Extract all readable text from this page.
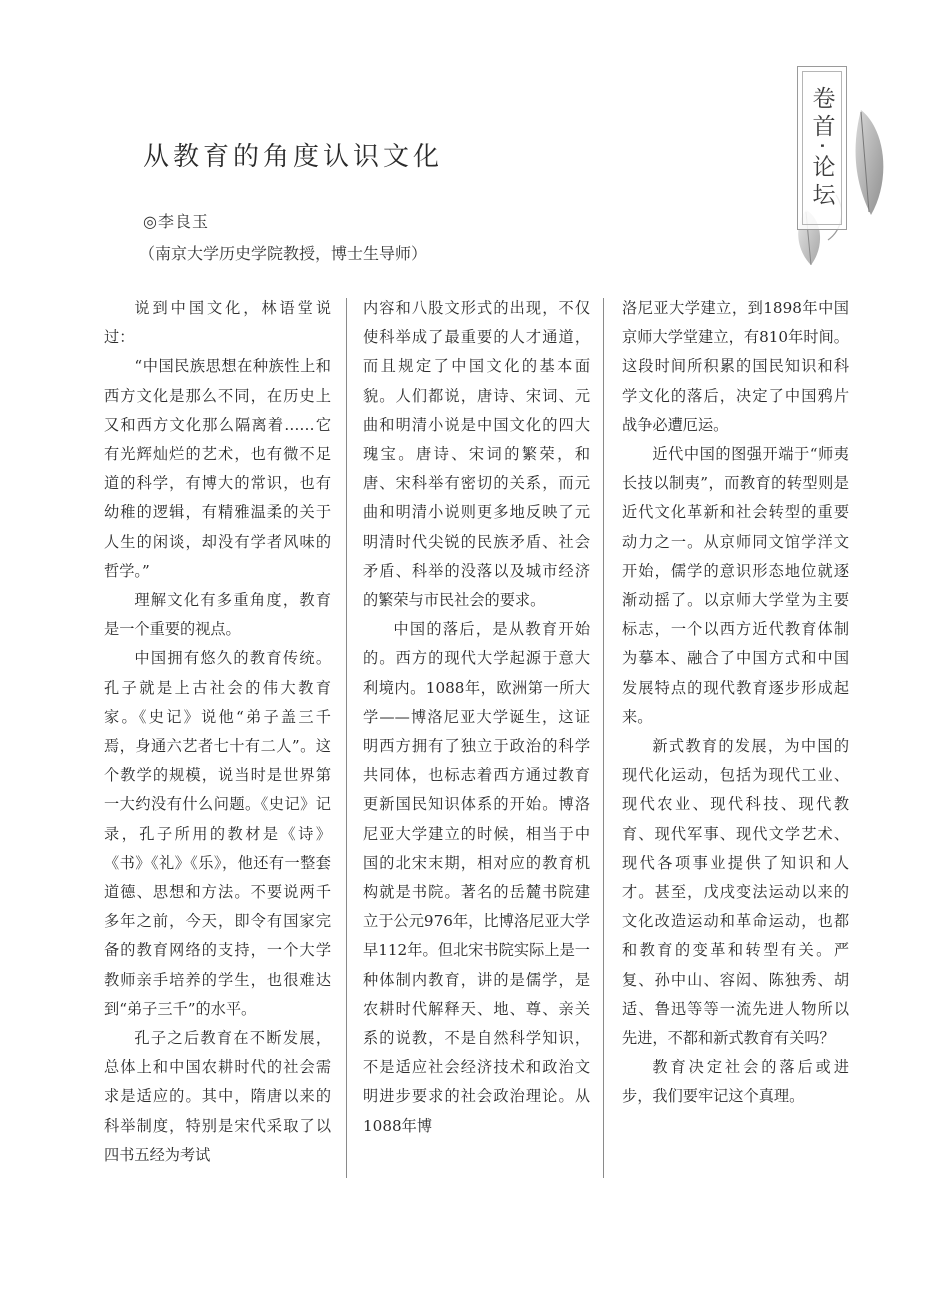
卷首·论坛
从教育的角度认识文化
◎李良玉
（南京大学历史学院教授，博士生导师）

说到中国文化，林语堂说过：

“中国民族思想在种族性上和西方文化是那么不同，在历史上又和西方文化那么隔离着……它有光辉灿烂的艺术，也有微不足道的科学，有博大的常识，也有幼稚的逻辑，有精雅温柔的关于人生的闲谈，却没有学者风味的哲学。”

理解文化有多重角度，教育是一个重要的视点。

中国拥有悠久的教育传统。孔子就是上古社会的伟大教育家。《史记》说他“弟子盖三千焉，身通六艺者七十有二人”。这个教学的规模，说当时是世界第一大约没有什么问题。《史记》记录，孔子所用的教材是《诗》《书》《礼》《乐》，他还有一整套道德、思想和方法。不要说两千多年之前，今天，即令有国家完备的教育网络的支持，一个大学教师亲手培养的学生，也很难达到“弟子三千”的水平。

孔子之后教育在不断发展，总体上和中国农耕时代的社会需求是适应的。其中，隋唐以来的科举制度，特别是宋代采取了以四书五经为考试

内容和八股文形式的出现，不仅使科举成了最重要的人才通道，而且规定了中国文化的基本面貌。人们都说，唐诗、宋词、元曲和明清小说是中国文化的四大瑰宝。唐诗、宋词的繁荣，和唐、宋科举有密切的关系，而元曲和明清小说则更多地反映了元明清时代尖锐的民族矛盾、社会矛盾、科举的没落以及城市经济的繁荣与市民社会的要求。

中国的落后，是从教育开始的。西方的现代大学起源于意大利境内。1088年，欧洲第一所大学——博洛尼亚大学诞生，这证明西方拥有了独立于政治的科学共同体，也标志着西方通过教育更新国民知识体系的开始。博洛尼亚大学建立的时候，相当于中国的北宋末期，相对应的教育机构就是书院。著名的岳麓书院建立于公元976年，比博洛尼亚大学早112年。但北宋书院实际上是一种体制内教育，讲的是儒学，是农耕时代解释天、地、尊、亲关系的说教，不是自然科学知识，不是适应社会经济技术和政治文明进步要求的社会政治理论。从1088年博

洛尼亚大学建立，到1898年中国京师大学堂建立，有810年时间。这段时间所积累的国民知识和科学文化的落后，决定了中国鸦片战争必遭厄运。

近代中国的图强开端于“师夷长技以制夷”，而教育的转型则是近代文化革新和社会转型的重要动力之一。从京师同文馆学洋文开始，儒学的意识形态地位就逐渐动摇了。以京师大学堂为主要标志，一个以西方近代教育体制为摹本、融合了中国方式和中国发展特点的现代教育逐步形成起来。

新式教育的发展，为中国的现代化运动，包括为现代工业、现代农业、现代科技、现代教育、现代军事、现代文学艺术、现代各项事业提供了知识和人才。甚至，戊戌变法运动以来的文化改造运动和革命运动，也都和教育的变革和转型有关。严复、孙中山、容闳、陈独秀、胡适、鲁迅等等一流先进人物所以先进，不都和新式教育有关吗？

教育决定社会的落后或进步，我们要牢记这个真理。
